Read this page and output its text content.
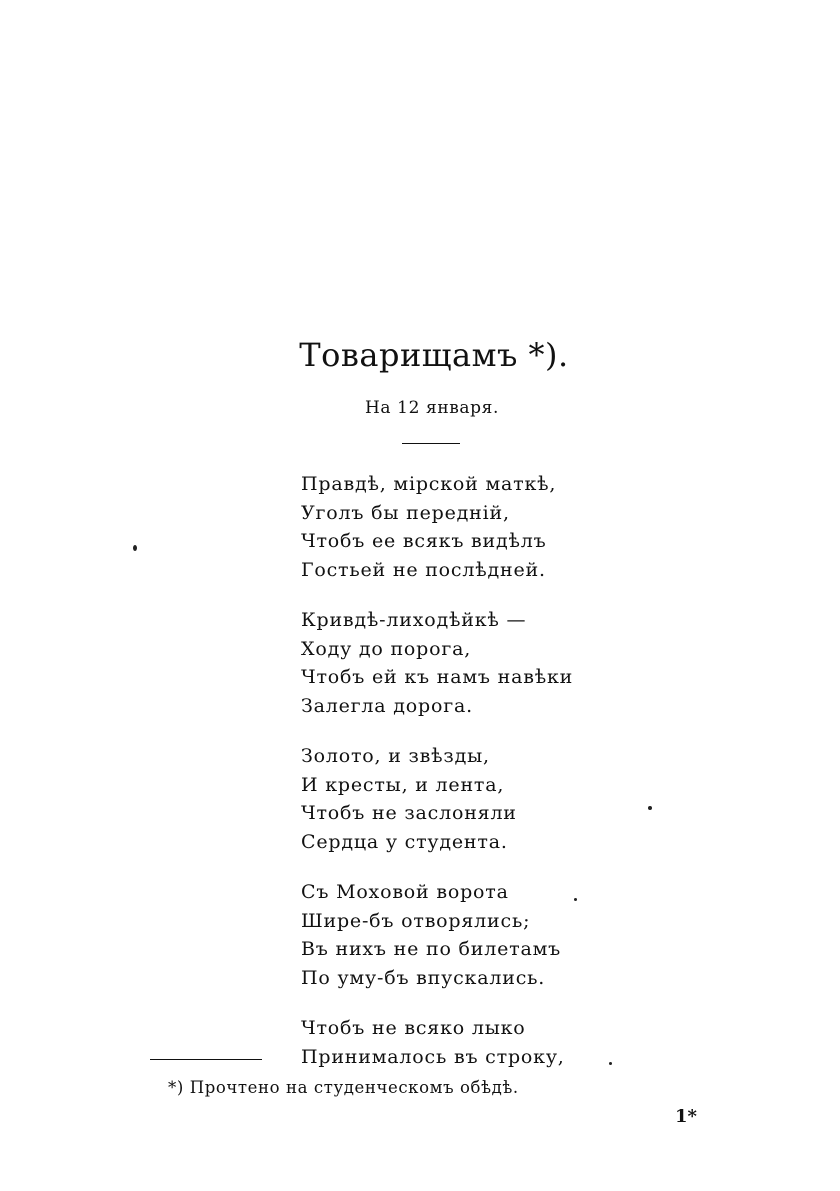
Товарищамъ *).
На 12 января.
Правдѣ, мірской маткѣ,
Уголъ бы передній,
Чтобъ ее всякъ видѣлъ
Гостьей не послѣдней.
Кривдѣ-лиходѣйкѣ —
Ходу до порога,
Чтобъ ей къ намъ навѣки
Залегла дорога.
Золото, и звѣзды,
И кресты, и лента,
Чтобъ не заслоняли
Сердца у студента.
Съ Моховой ворота
Шире-бъ отворялись;
Въ нихъ не по билетамъ
По уму-бъ впускались.
Чтобъ не всяко лыко
Принималось въ строку,
*) Прочтено на студенческомъ обѣдѣ.
1*
